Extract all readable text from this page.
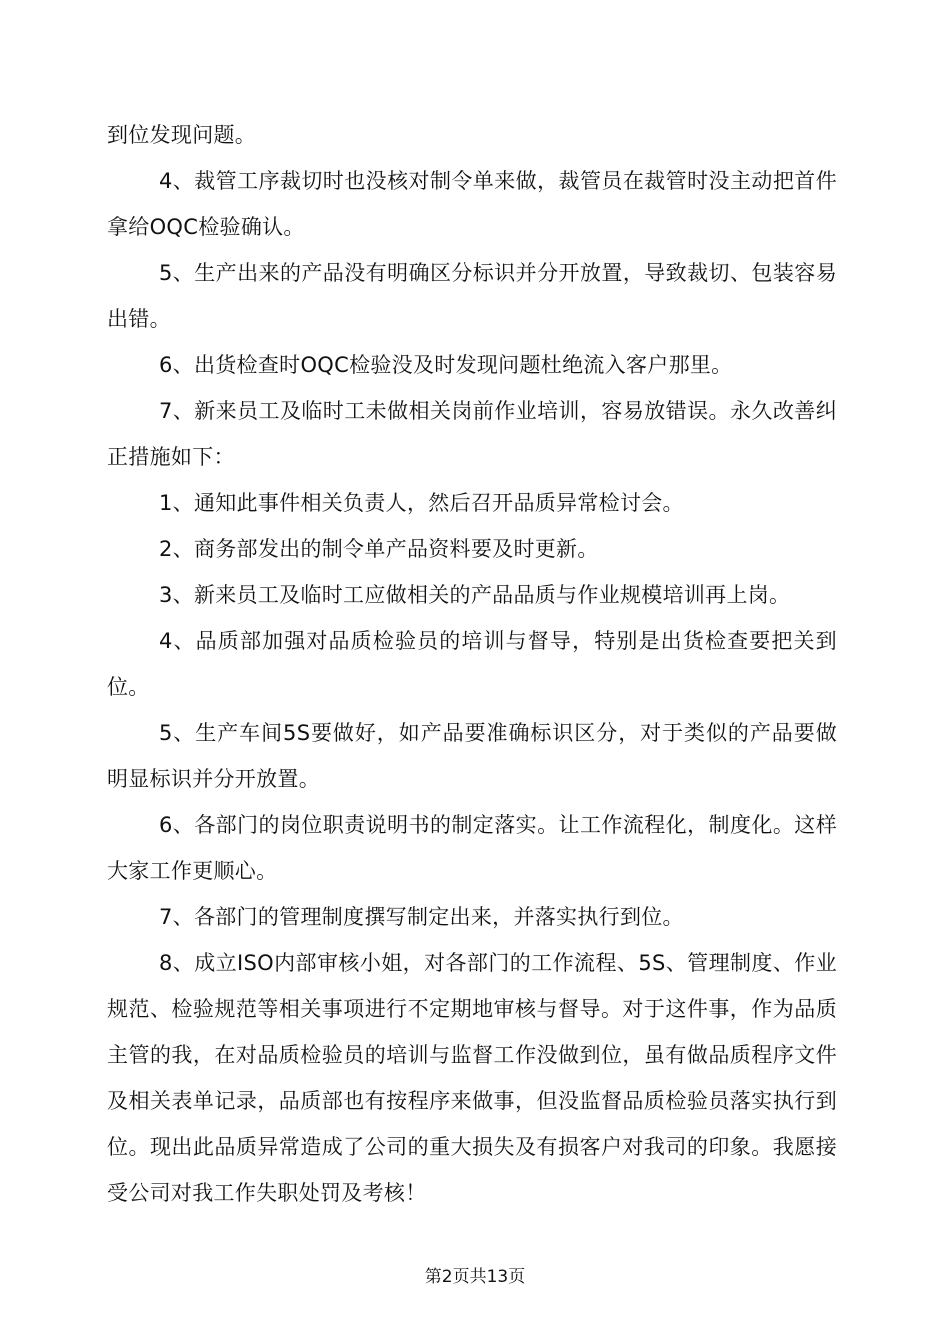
到位发现问题。

4、裁管工序裁切时也没核对制令单来做，裁管员在裁管时没主动把首件拿给OQC检验确认。

5、生产出来的产品没有明确区分标识并分开放置，导致裁切、包装容易出错。

6、出货检查时OQC检验没及时发现问题杜绝流入客户那里。

7、新来员工及临时工未做相关岗前作业培训，容易放错误。永久改善纠正措施如下：

1、通知此事件相关负责人，然后召开品质异常检讨会。

2、商务部发出的制令单产品资料要及时更新。

3、新来员工及临时工应做相关的产品品质与作业规模培训再上岗。

4、品质部加强对品质检验员的培训与督导，特别是出货检查要把关到位。

5、生产车间5S要做好，如产品要准确标识区分，对于类似的产品要做明显标识并分开放置。

6、各部门的岗位职责说明书的制定落实。让工作流程化，制度化。这样大家工作更顺心。

7、各部门的管理制度撰写制定出来，并落实执行到位。

8、成立ISO内部审核小姐，对各部门的工作流程、5S、管理制度、作业规范、检验规范等相关事项进行不定期地审核与督导。对于这件事，作为品质主管的我，在对品质检验员的培训与监督工作没做到位，虽有做品质程序文件及相关表单记录，品质部也有按程序来做事，但没监督品质检验员落实执行到位。现出此品质异常造成了公司的重大损失及有损客户对我司的印象。我愿接受公司对我工作失职处罚及考核！

第2页共13页
